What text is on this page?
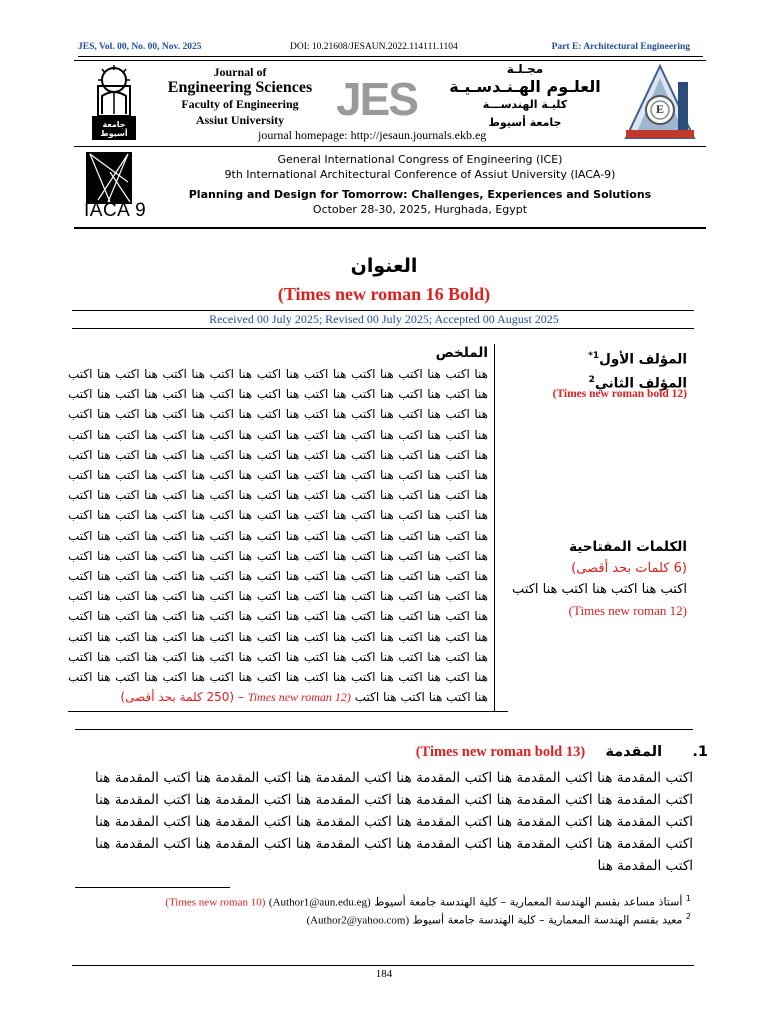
JES, Vol. 00, No. 00, Nov. 2025	DOI: 10.21608/JESAUN.2022.114111.1104	Part E: Architectural Engineering
جامعة أسيوط
Journal of
Engineering Sciences
Faculty of Engineering
Assiut University	JES
مجـلـة
العلـوم الهـنـدسـيـة
كليـة الهندســـة
جامعة أسيوط
journal homepage: http://jesaun.journals.ekb.eg
E
IACA 9
General International Congress of Engineering (ICE)
9th International Architectural Conference of Assiut University (IACA-9)
Planning and Design for Tomorrow: Challenges, Experiences and Solutions
October 28-30, 2025, Hurghada, Egypt
العنوان
(Times new roman 16 Bold)
Received 00 July 2025; Revised 00 July 2025; Accepted 00 August 2025
المؤلف الأول$^{1*}$
المؤلف الثاني$^2$
(Times new roman bold 12)
الكلمات المفتاحية
(6 كلمات بحد أقصى)
اكتب هنا اكتب هنا اكتب هنا اكتب
(Times new roman 12)
الملخص
هنا اكتب هنا اكتب هنا اكتب هنا اكتب هنا اكتب هنا اكتب هنا اكتب هنا اكتب هنا اكتب هنا اكتب هنا اكتب هنا اكتب هنا اكتب هنا اكتب هنا اكتب هنا اكتب هنا اكتب هنا اكتب هنا اكتب هنا اكتب هنا اكتب هنا اكتب هنا اكتب هنا اكتب هنا اكتب هنا اكتب هنا اكتب هنا اكتب هنا اكتب هنا اكتب هنا اكتب هنا اكتب هنا اكتب هنا اكتب هنا اكتب هنا اكتب هنا اكتب هنا اكتب هنا اكتب هنا اكتب هنا اكتب هنا اكتب هنا اكتب هنا اكتب هنا اكتب هنا اكتب هنا اكتب هنا اكتب هنا اكتب هنا اكتب هنا اكتب هنا اكتب هنا اكتب هنا اكتب هنا اكتب هنا اكتب هنا اكتب هنا اكتب هنا اكتب هنا اكتب هنا اكتب هنا اكتب هنا اكتب هنا اكتب هنا اكتب هنا اكتب هنا اكتب هنا اكتب هنا اكتب هنا اكتب هنا اكتب هنا اكتب هنا اكتب هنا اكتب هنا اكتب هنا اكتب هنا اكتب هنا اكتب هنا اكتب هنا اكتب هنا اكتب هنا اكتب هنا اكتب هنا اكتب هنا اكتب هنا اكتب هنا اكتب هنا اكتب هنا اكتب هنا اكتب هنا اكتب هنا اكتب هنا اكتب هنا اكتب هنا اكتب هنا اكتب هنا اكتب هنا اكتب هنا اكتب هنا اكتب هنا اكتب هنا اكتب هنا اكتب هنا اكتب هنا اكتب هنا اكتب هنا اكتب هنا اكتب هنا اكتب هنا اكتب هنا اكتب هنا اكتب هنا اكتب هنا اكتب هنا اكتب هنا اكتب هنا اكتب هنا اكتب هنا اكتب هنا اكتب هنا اكتب هنا اكتب هنا اكتب هنا اكتب هنا اكتب هنا اكتب هنا اكتب هنا اكتب هنا اكتب هنا اكتب هنا اكتب هنا اكتب هنا اكتب هنا اكتب هنا اكتب هنا اكتب هنا اكتب هنا اكتب هنا اكتب هنا اكتب هنا اكتب هنا اكتب هنا اكتب هنا اكتب هنا اكتب هنا اكتب هنا اكتب (Times new roman 12 – (250 كلمة بحد أقصى)
1.      المقدمة    (Times new roman bold 13)
اكتب المقدمة هنا اكتب المقدمة هنا اكتب المقدمة هنا اكتب المقدمة هنا اكتب المقدمة هنا اكتب المقدمة هنا اكتب المقدمة هنا اكتب المقدمة هنا اكتب المقدمة هنا اكتب المقدمة هنا اكتب المقدمة هنا اكتب المقدمة هنا اكتب المقدمة هنا اكتب المقدمة هنا اكتب المقدمة هنا اكتب المقدمة هنا اكتب المقدمة هنا اكتب المقدمة هنا اكتب المقدمة هنا اكتب المقدمة هنا اكتب المقدمة هنا اكتب المقدمة هنا اكتب المقدمة هنا اكتب المقدمة هنا اكتب المقدمة هنا
$^1$ أستاذ مساعد بقسم الهندسة المعمارية – كلية الهندسة جامعة أسيوط (Author1@aun.edu.eg) (Times new roman 10)
$^2$ معيد بقسم الهندسة المعمارية – كلية الهندسة جامعة أسيوط (Author2@yahoo.com)
184
